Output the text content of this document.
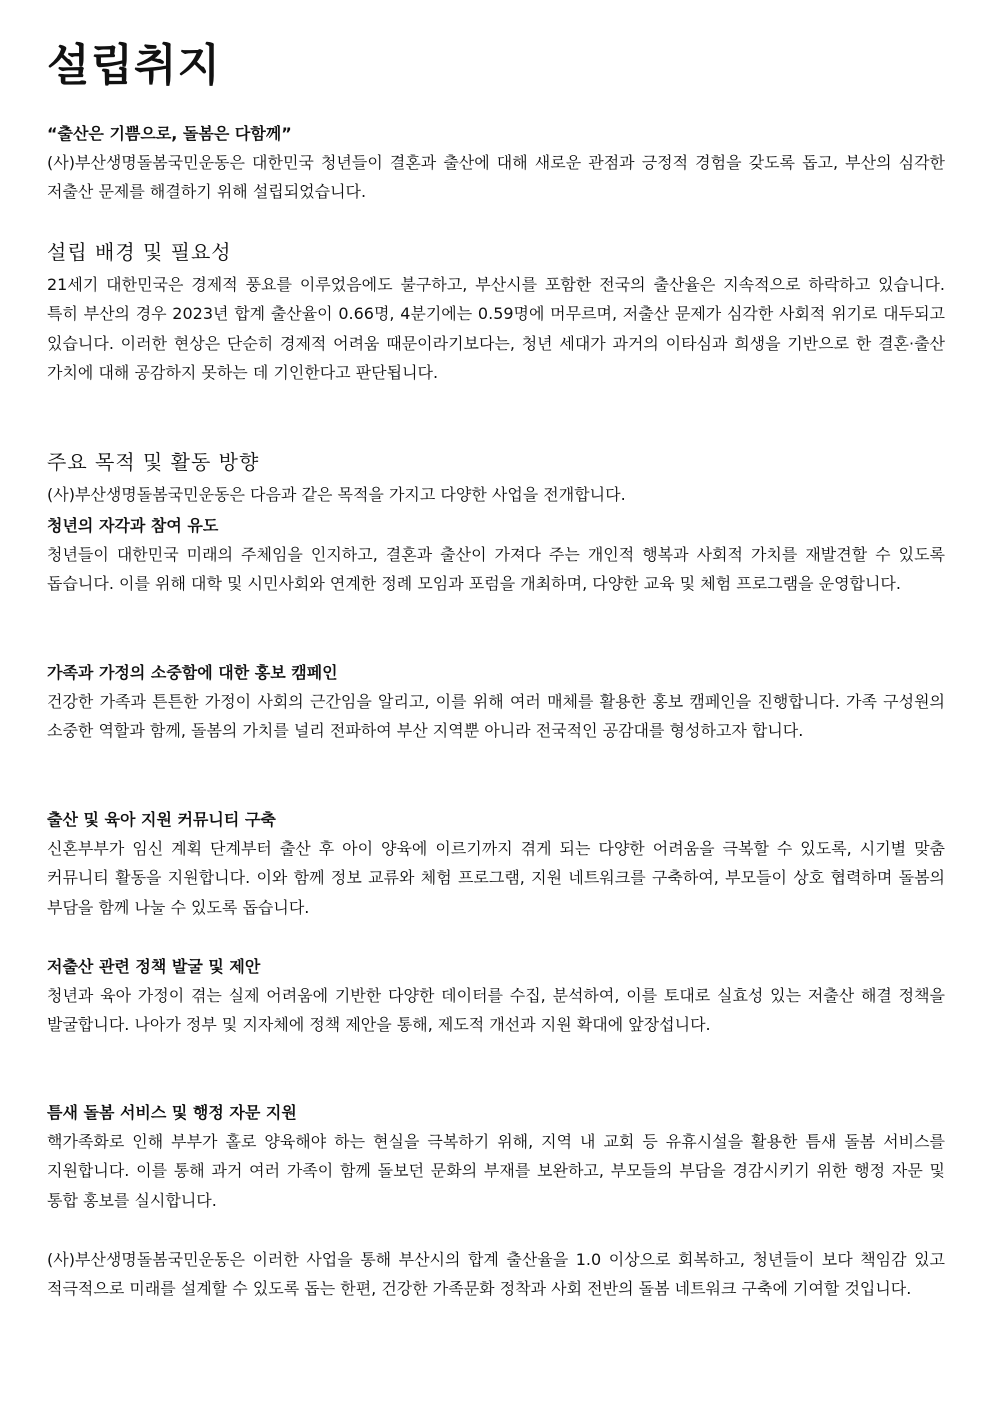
설립취지

“출산은 기쁨으로, 돌봄은 다함께”

(사)부산생명돌봄국민운동은 대한민국 청년들이 결혼과 출산에 대해 새로운 관점과 긍정적 경험을 갖도록 돕고, 부산의 심각한 저출산 문제를 해결하기 위해 설립되었습니다.

설립 배경 및 필요성

21세기 대한민국은 경제적 풍요를 이루었음에도 불구하고, 부산시를 포함한 전국의 출산율은 지속적으로 하락하고 있습니다. 특히 부산의 경우 2023년 합계 출산율이 0.66명, 4분기에는 0.59명에 머무르며, 저출산 문제가 심각한 사회적 위기로 대두되고 있습니다. 이러한 현상은 단순히 경제적 어려움 때문이라기보다는, 청년 세대가 과거의 이타심과 희생을 기반으로 한 결혼·출산 가치에 대해 공감하지 못하는 데 기인한다고 판단됩니다.

주요 목적 및 활동 방향

(사)부산생명돌봄국민운동은 다음과 같은 목적을 가지고 다양한 사업을 전개합니다.

청년의 자각과 참여 유도

청년들이 대한민국 미래의 주체임을 인지하고, 결혼과 출산이 가져다 주는 개인적 행복과 사회적 가치를 재발견할 수 있도록 돕습니다. 이를 위해 대학 및 시민사회와 연계한 정례 모임과 포럼을 개최하며, 다양한 교육 및 체험 프로그램을 운영합니다.

가족과 가정의 소중함에 대한 홍보 캠페인

건강한 가족과 튼튼한 가정이 사회의 근간임을 알리고, 이를 위해 여러 매체를 활용한 홍보 캠페인을 진행합니다. 가족 구성원의 소중한 역할과 함께, 돌봄의 가치를 널리 전파하여 부산 지역뿐 아니라 전국적인 공감대를 형성하고자 합니다.

출산 및 육아 지원 커뮤니티 구축

신혼부부가 임신 계획 단계부터 출산 후 아이 양육에 이르기까지 겪게 되는 다양한 어려움을 극복할 수 있도록, 시기별 맞춤 커뮤니티 활동을 지원합니다. 이와 함께 정보 교류와 체험 프로그램, 지원 네트워크를 구축하여, 부모들이 상호 협력하며 돌봄의 부담을 함께 나눌 수 있도록 돕습니다.

저출산 관련 정책 발굴 및 제안

청년과 육아 가정이 겪는 실제 어려움에 기반한 다양한 데이터를 수집, 분석하여, 이를 토대로 실효성 있는 저출산 해결 정책을 발굴합니다. 나아가 정부 및 지자체에 정책 제안을 통해, 제도적 개선과 지원 확대에 앞장섭니다.

틈새 돌봄 서비스 및 행정 자문 지원

핵가족화로 인해 부부가 홀로 양육해야 하는 현실을 극복하기 위해, 지역 내 교회 등 유휴시설을 활용한 틈새 돌봄 서비스를 지원합니다. 이를 통해 과거 여러 가족이 함께 돌보던 문화의 부재를 보완하고, 부모들의 부담을 경감시키기 위한 행정 자문 및 통합 홍보를 실시합니다.

(사)부산생명돌봄국민운동은 이러한 사업을 통해 부산시의 합계 출산율을 1.0 이상으로 회복하고, 청년들이 보다 책임감 있고 적극적으로 미래를 설계할 수 있도록 돕는 한편, 건강한 가족문화 정착과 사회 전반의 돌봄 네트워크 구축에 기여할 것입니다.
